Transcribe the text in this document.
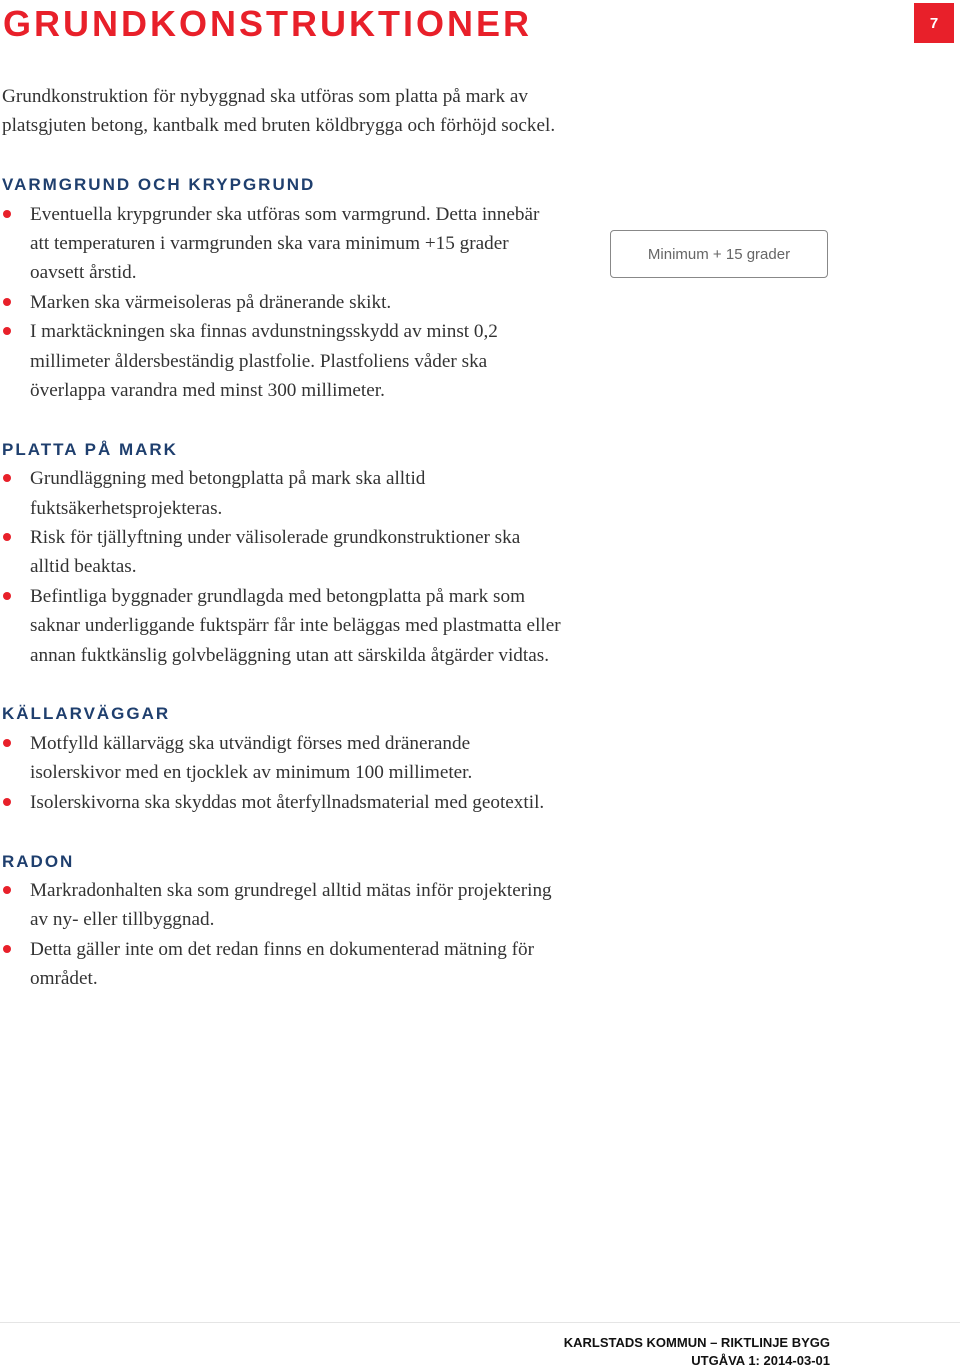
GRUNDKONSTRUKTIONER	7

Grundkonstruktion för nybyggnad ska utföras som platta på mark av platsgjuten betong, kantbalk med bruten köldbrygga och förhöjd sockel.

VARMGRUND OCH KRYPGRUND
Eventuella krypgrunder ska utföras som varmgrund. Detta innebär att temperaturen i varmgrunden ska vara minimum +15 grader oavsett årstid.
Marken ska värmeisoleras på dränerande skikt.
I marktäckningen ska finnas avdunstningsskydd av minst 0,2 millimeter åldersbeständig plastfolie. Plastfoliens våder ska överlappa varandra med minst 300 millimeter.
PLATTA PÅ MARK
Grundläggning med betongplatta på mark ska alltid fuktsäkerhetsprojekteras.
Risk för tjällyftning under välisolerade grundkonstruktioner ska alltid beaktas.
Befintliga byggnader grundlagda med betongplatta på mark som saknar underliggande fuktspärr får inte beläggas med plastmatta eller annan fuktkänslig golvbeläggning utan att särskilda åtgärder vidtas.
KÄLLARVÄGGAR
Motfylld källarvägg ska utvändigt förses med dränerande isolerskivor med en tjocklek av minimum 100 millimeter.
Isolerskivorna ska skyddas mot återfyllnadsmaterial med geotextil.
RADON
Markradonhalten ska som grundregel alltid mätas inför projektering av ny- eller tillbyggnad.
Detta gäller inte om det redan finns en dokumenterad mätning för området.
Minimum + 15 grader
KARLSTADS KOMMUN – RIKTLINJE BYGG
UTGÅVA 1: 2014-03-01
